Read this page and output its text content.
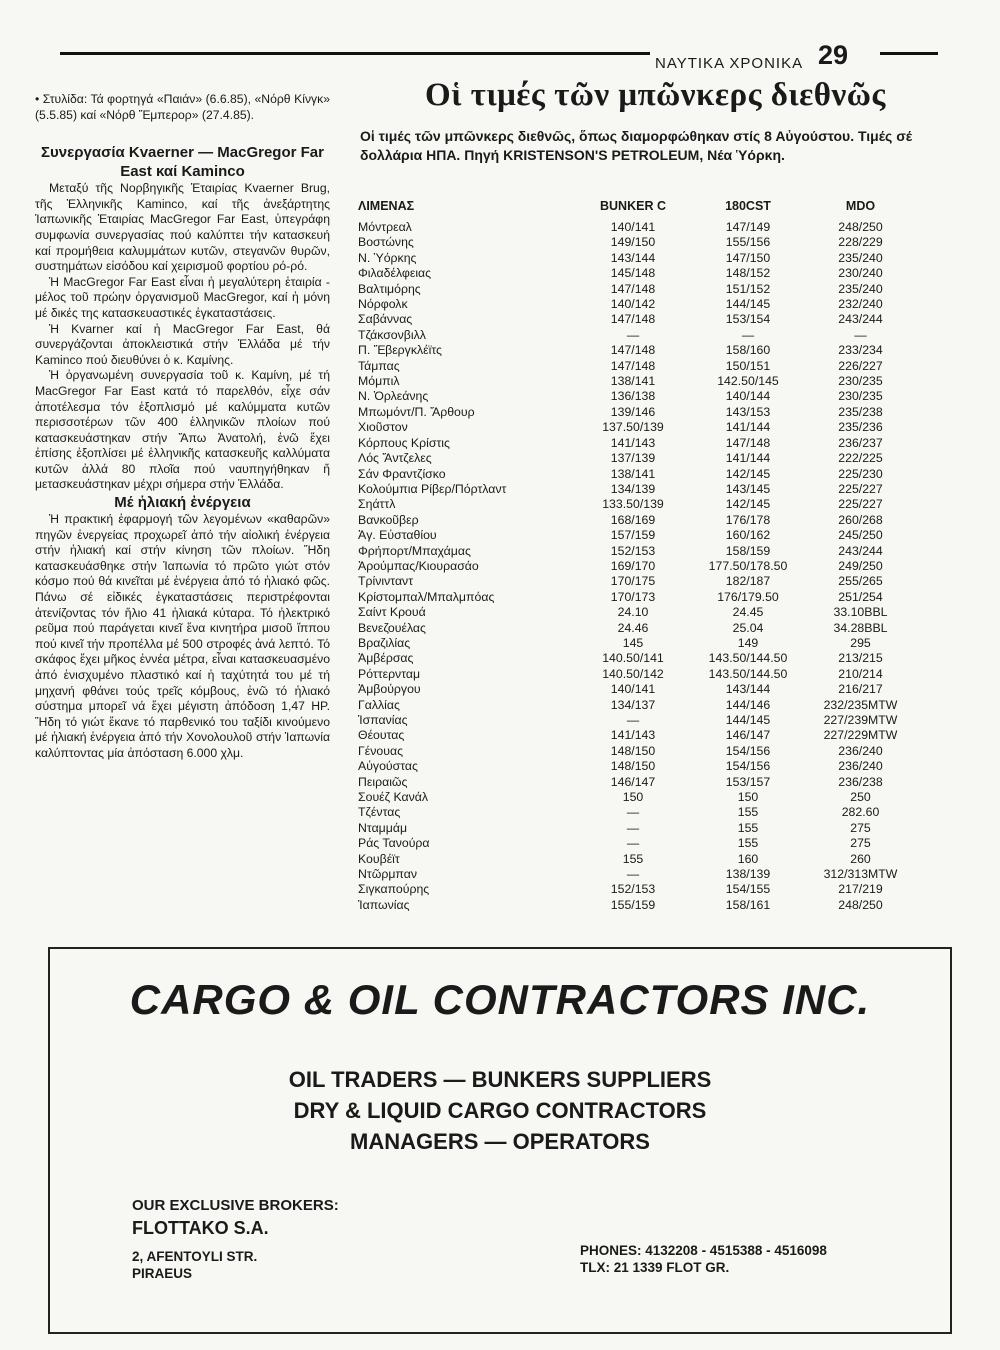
ΝΑΥΤΙΚΑ ΧΡΟΝΙΚΑ 29
Οἱ τιμές τῶν μπῶνκερς διεθνῶς
Οἱ τιμές τῶν μπῶνκερς διεθνῶς, ὅπως διαμορφώθηκαν στίς 8 Αὐγούστου. Τιμές σέ δολλάρια ΗΠΑ. Πηγή KRISTENSON'S PETROLEUM, Νέα Ὑόρκη.

• Στυλίδα: Τά φορτηγά «Παιάν» (6.6.85), «Νόρθ Κίνγκ» (5.5.85) καί «Νόρθ Ἔμπερορ» (27.4.85).

Συνεργασία Kvaerner — MacGregor Far East καί Kaminco

Μεταξύ τῆς Νορβηγικῆς Ἑταιρίας Kvaerner Brug, τῆς Ἑλληνικῆς Kaminco, καί τῆς ἀνεξάρτητης Ἰαπωνικῆς Ἑταιρίας MacGregor Far East, ὑπεγράφη συμφωνία συνεργασίας πού καλύπτει τήν κατασκευή καί προμήθεια καλυμμάτων κυτῶν, στεγανῶν θυρῶν, συστημάτων εἰσόδου καί χειρισμοῦ φορτίου ρό-ρό.

Ἡ MacGregor Far East εἶναι ἡ μεγαλύτερη ἑταιρία - μέλος τοῦ πρώην ὀργανισμοῦ MacGregor, καί ἡ μόνη μέ δικές της κατασκευαστικές ἐγκαταστάσεις.

Ἡ Kvarner καί ἡ MacGregor Far East, θά συνεργάζονται ἀποκλειστικά στήν Ἑλλάδα μέ τήν Kaminco πού διευθύνει ὁ κ. Καμίνης.

Ἡ ὀργανωμένη συνεργασία τοῦ κ. Καμίνη, μέ τή MacGregor Far East κατά τό παρελθόν, εἶχε σάν ἀποτέλεσμα τόν ἐξοπλισμό μέ καλύμματα κυτῶν περισσοτέρων τῶν 400 ἑλληνικῶν πλοίων πού κατασκευάστηκαν στήν Ἄπω Ἀνατολή, ἐνῶ ἔχει ἐπίσης ἐξοπλίσει μέ ἑλληνικῆς κατασκευῆς καλλύματα κυτῶν ἀλλά 80 πλοῖα πού ναυπηγήθηκαν ἤ μετασκευάστηκαν μέχρι σήμερα στήν Ἑλλάδα.

Μέ ἡλιακή ἐνέργεια

Ἡ πρακτική ἐφαρμογή τῶν λεγομένων «καθαρῶν» πηγῶν ἐνεργείας προχωρεῖ ἀπό τήν αἰολική ἐνέργεια στήν ἡλιακή καί στήν κίνηση τῶν πλοίων. Ἤδη κατασκευάσθηκε στήν Ἰαπωνία τό πρῶτο γιώτ στόν κόσμο πού θά κινεῖται μέ ἐνέργεια ἀπό τό ἡλιακό φῶς. Πάνω σέ εἰδικές ἐγκαταστάσεις περιστρέφονται ἀτενίζοντας τόν ἥλιο 41 ἡλιακά κύταρα. Τό ἠλεκτρικό ρεῦμα πού παράγεται κινεῖ ἕνα κινητήρα μισοῦ ἵππου πού κινεῖ τήν προπέλλα μέ 500 στροφές ἀνά λεπτό. Τό σκάφος ἔχει μῆκος ἐννέα μέτρα, εἶναι κατασκευασμένο ἀπό ἐνισχυμένο πλαστικό καί ἡ ταχύτητά του μέ τή μηχανή φθάνει τούς τρεῖς κόμβους, ἐνῶ τό ἡλιακό σύστημα μπορεῖ νά ἔχει μέγιστη ἀπόδοση 1,47 HP. Ἤδη τό γιώτ ἔκανε τό παρθενικό του ταξίδι κινούμενο μέ ἡλιακή ἐνέργεια ἀπό τήν Χονολουλοῦ στήν Ἰαπωνία καλύπτοντας μία ἀπόσταση 6.000 χλμ.

ΛΙΜΕΝΑΣ	BUNKER C	180CST	MDO
Μόντρεαλ	140/141	147/149	248/250
Βοστώνης	149/150	155/156	228/229
Ν. Ὑόρκης	143/144	147/150	235/240
Φιλαδέλφειας	145/148	148/152	230/240
Βαλτιμόρης	147/148	151/152	235/240
Νόρφολκ	140/142	144/145	232/240
Σαβάννας	147/148	153/154	243/244
Τζάκσονβιλλ	—	—	—
Π. Ἔβεργκλέϊτς	147/148	158/160	233/234
Τάμπας	147/148	150/151	226/227
Μόμπιλ	138/141	142.50/145	230/235
Ν. Ὀρλεάνης	136/138	140/144	230/235
Μπωμόντ/Π. Ἄρθουρ	139/146	143/153	235/238
Χιοῦστον	137.50/139	141/144	235/236
Κόρπους Κρίστις	141/143	147/148	236/237
Λός Ἄντζελες	137/139	141/144	222/225
Σάν Φραντζίσκο	138/141	142/145	225/230
Κολούμπια Ρίβερ/Πόρτλαντ	134/139	143/145	225/227
Σηάττλ	133.50/139	142/145	225/227
Βανκοῦβερ	168/169	176/178	260/268
Ἁγ. Εὐσταθίου	157/159	160/162	245/250
Φρήπορτ/Μπαχάμας	152/153	158/159	243/244
Ἀρούμπας/Κιουρασάο	169/170	177.50/178.50	249/250
Τρίνινταντ	170/175	182/187	255/265
Κρίστομπαλ/Μπαλμπόας	170/173	176/179.50	251/254
Σαίντ Κρουά	24.10	24.45	33.10BBL
Βενεζουέλας	24.46	25.04	34.28BBL
Βραζιλίας	145	149	295
Ἀμβέρσας	140.50/141	143.50/144.50	213/215
Ρόττερνταμ	140.50/142	143.50/144.50	210/214
Ἀμβούργου	140/141	143/144	216/217
Γαλλίας	134/137	144/146	232/235MTW
Ἱσπανίας	—	144/145	227/239MTW
Θέουτας	141/143	146/147	227/229MTW
Γένουας	148/150	154/156	236/240
Αὐγούστας	148/150	154/156	236/240
Πειραιῶς	146/147	153/157	236/238
Σουέζ Κανάλ	150	150	250
Τζέντας	—	155	282.60
Νταμμάμ	—	155	275
Ράς Τανούρα	—	155	275
Κουβέϊτ	155	160	260
Ντῶρμπαν	—	138/139	312/313MTW
Σιγκαπούρης	152/153	154/155	217/219
Ἰαπωνίας	155/159	158/161	248/250
CARGO & OIL CONTRACTORS INC.
OIL TRADERS — BUNKERS SUPPLIERS
DRY & LIQUID CARGO CONTRACTORS
MANAGERS — OPERATORS
OUR EXCLUSIVE BROKERS:
FLOTTAKO S.A.
2, AFENTOYLI STR.
PIRAEUS
PHONES: 4132208 - 4515388 - 4516098
TLX: 21 1339 FLOT GR.
